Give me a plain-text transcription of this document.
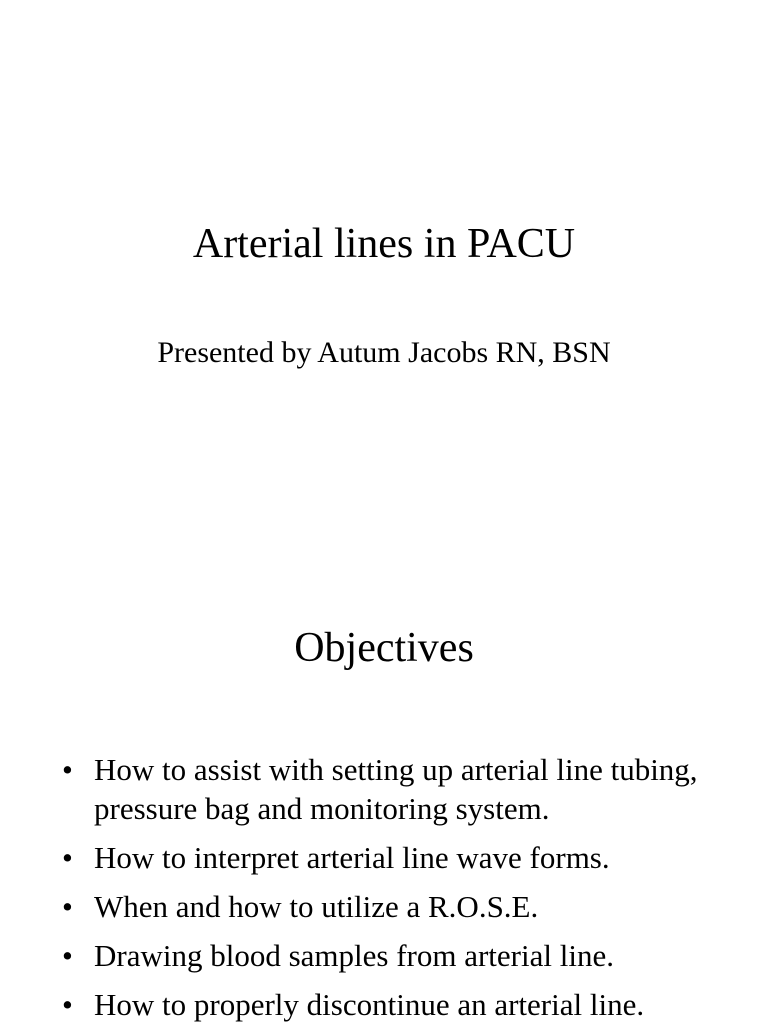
Arterial lines in PACU

Presented by Autum Jacobs RN, BSN

Objectives
• How to assist with setting up arterial line tubing, pressure bag and monitoring system.
• How to interpret arterial line wave forms.
• When and how to utilize a R.O.S.E.
• Drawing blood samples from arterial line.
• How to properly discontinue an arterial line.
